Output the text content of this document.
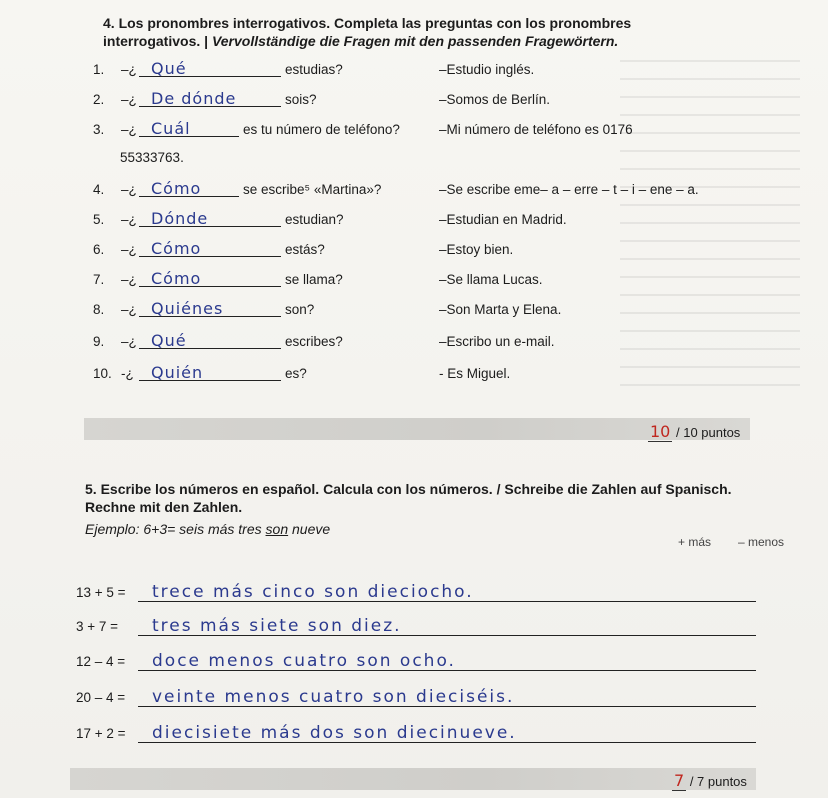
4. Los pronombres interrogativos. Completa las preguntas con los pronombres
interrogativos. | Vervollständige die Fragen mit den passenden Fragewörtern.
1.	–¿ Qué	estudias?	–Estudio inglés.
2.	–¿ De dónde	sois?	–Somos de Berlín.
3.	–¿ Cuál	es tu número de teléfono?	–Mi número de teléfono es 0176
55333763.
4.	–¿ Cómo	se escribe⁵ «Martina»?	–Se escribe eme– a – erre – t – i – ene – a.
5.	–¿ Dónde	estudian?	–Estudian en Madrid.
6.	–¿ Cómo	estás?	–Estoy bien.
7.	–¿ Cómo	se llama?	–Se llama Lucas.
8.	–¿ Quiénes	son?	–Son Marta y Elena.
9.	–¿ Qué	escribes?	–Escribo un e-mail.
10. -¿ Quién	es?	- Es Miguel.
10 / 10 puntos
5. Escribe los números en español. Calcula con los números. / Schreibe die Zahlen auf Spanisch. Rechne mit den Zahlen.
Ejemplo: 6+3= seis más tres son nueve
+ más – menos
13 + 5 = trece más cinco son dieciocho.
3 + 7 = tres más siete son diez.
12 – 4 = doce menos cuatro son ocho.
20 – 4 = veinte menos cuatro son dieciséis.
17 + 2 = diecisiete más dos son diecinueve.
7 / 7 puntos
